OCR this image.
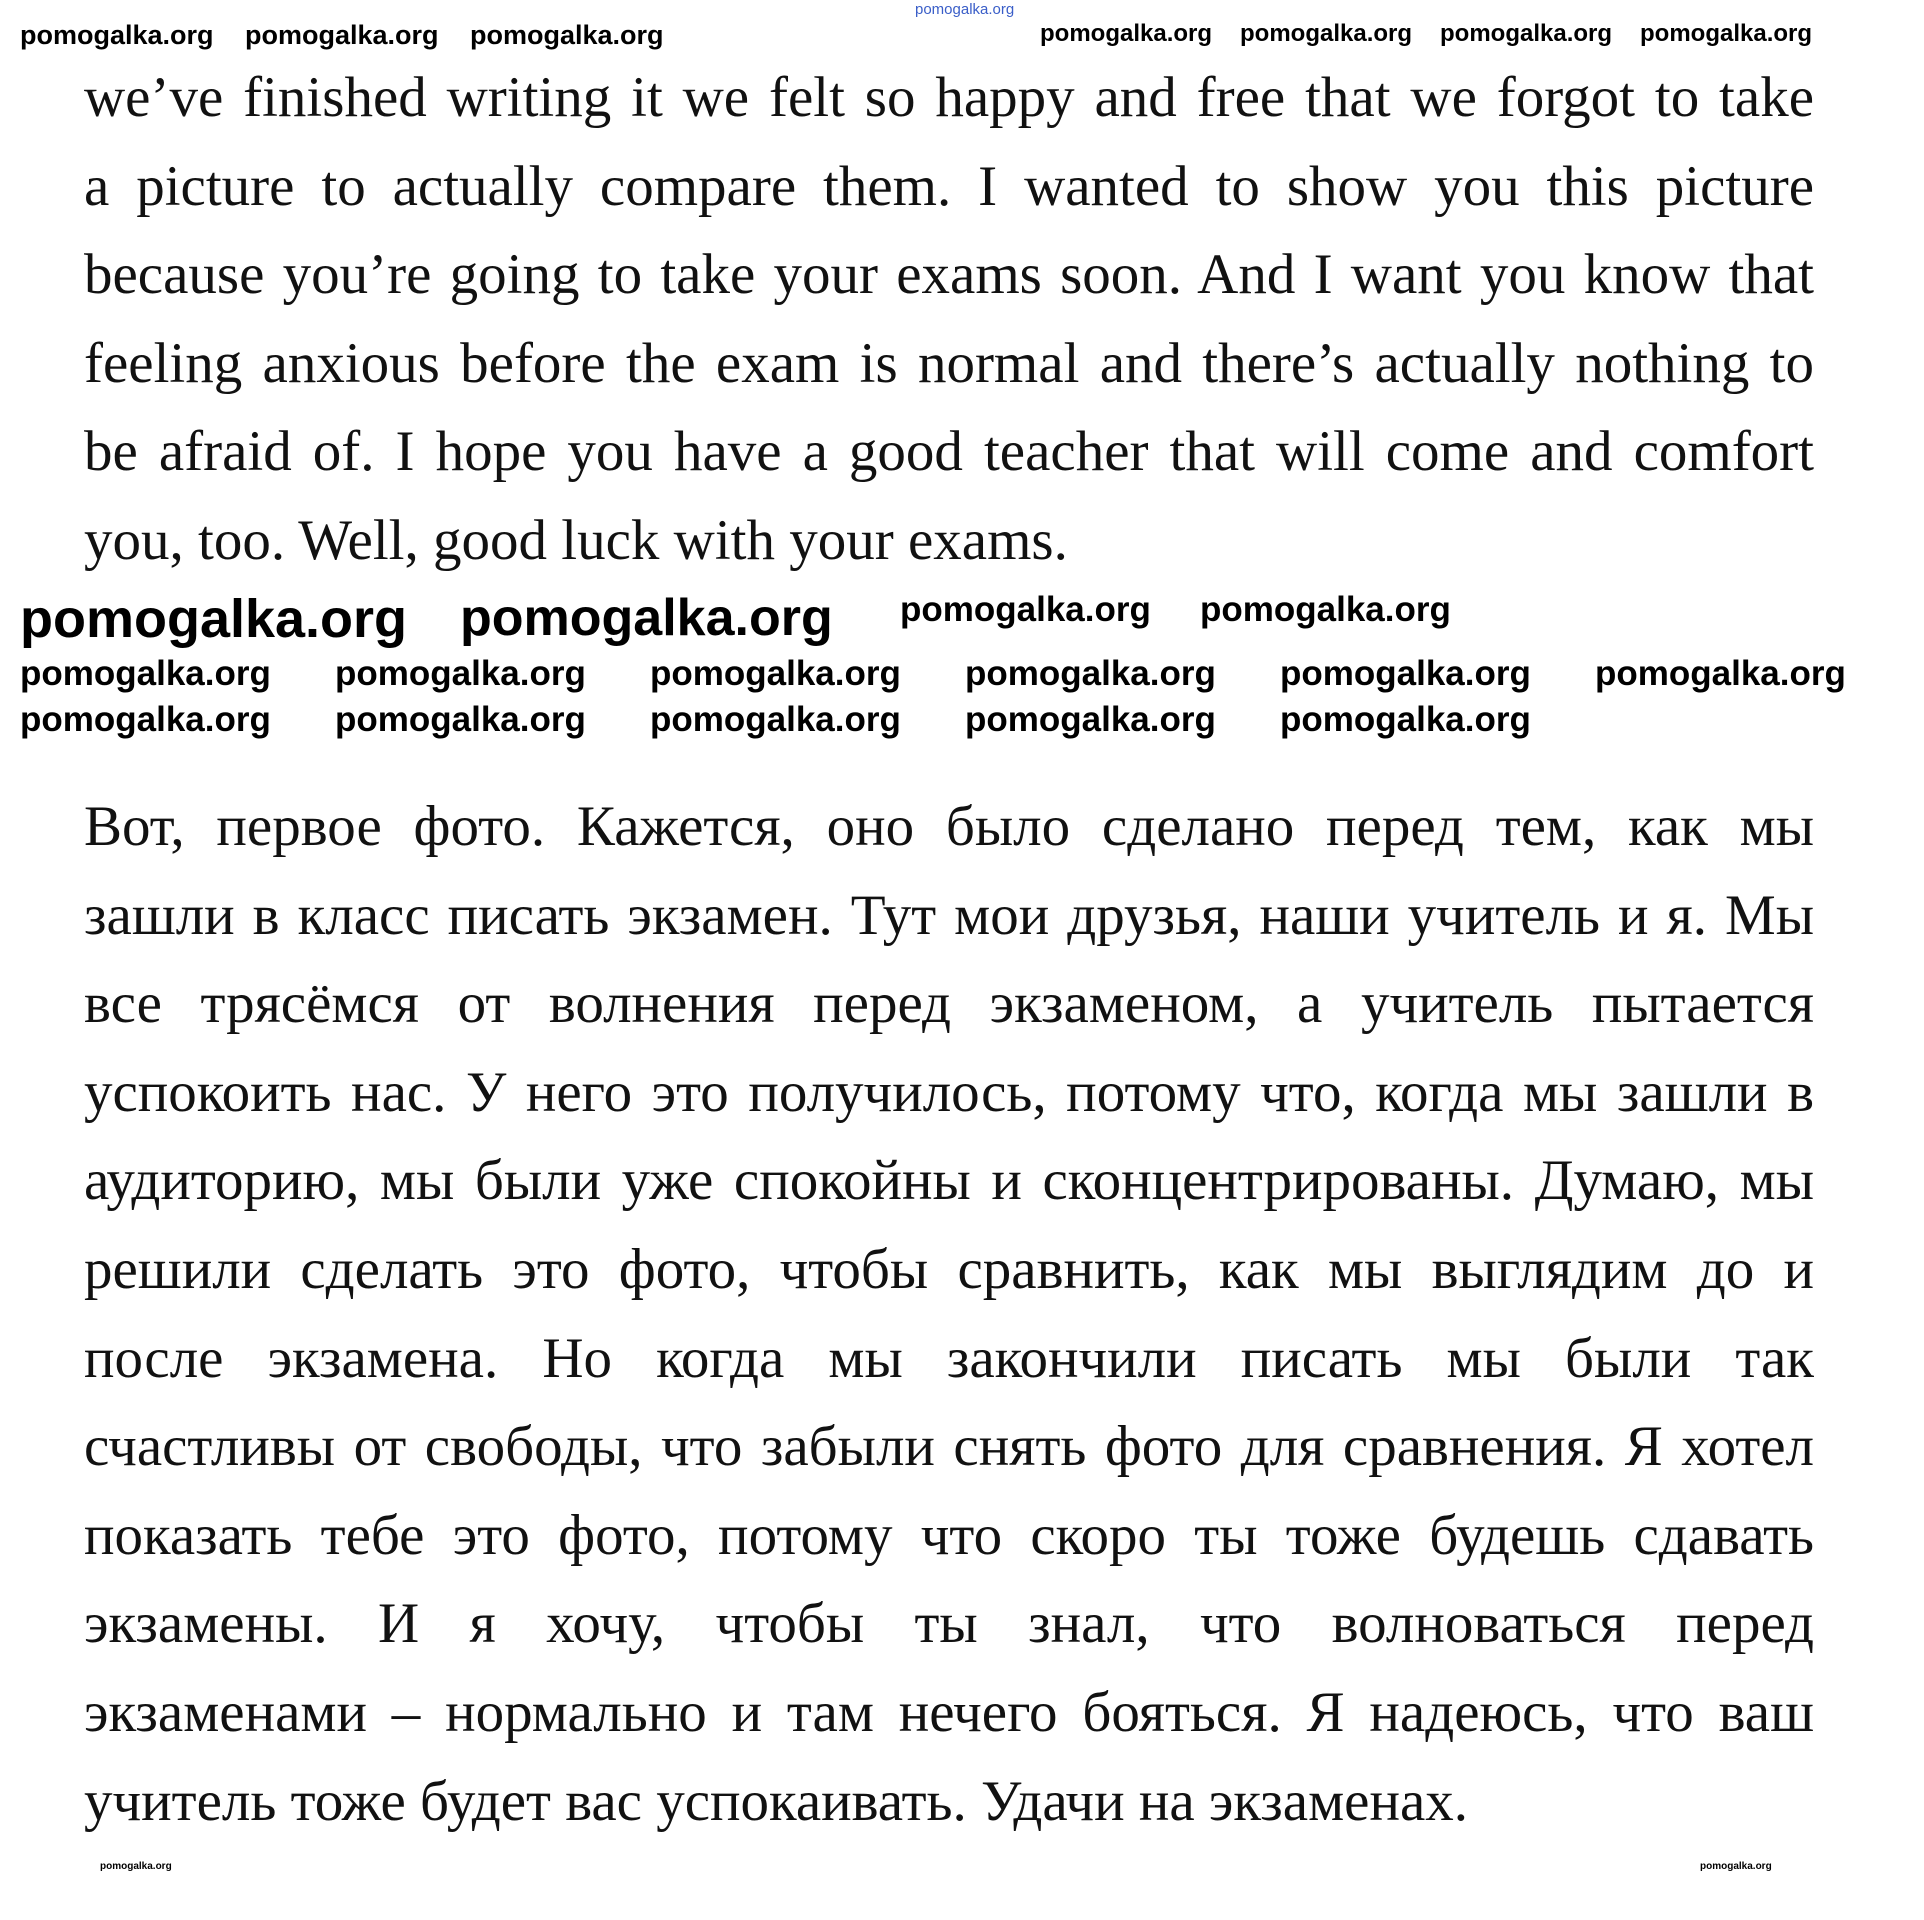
we’ve finished writing it we felt so happy and free that we forgot to take
a picture to actually compare them. I wanted to show you this picture
because you’re going to take your exams soon. And I want you know that
feeling anxious before the exam is normal and there’s actually nothing to
be afraid of. I hope you have a good teacher that will come and comfort
you, too. Well, good luck with your exams.
Вот, первое фото. Кажется, оно было сделано перед тем, как мы
зашли в класс писать экзамен. Тут мои друзья, наши учитель и я. Мы
все трясёмся от волнения перед экзаменом, а учитель пытается
успокоить нас. У него это получилось, потому что, когда мы зашли в
аудиторию, мы были уже спокойны и сконцентрированы. Думаю, мы
решили сделать это фото, чтобы сравнить, как мы выглядим до и
после экзамена. Но когда мы закончили писать мы были так
счастливы от свободы, что забыли снять фото для сравнения. Я хотел
показать тебе это фото, потому что скоро ты тоже будешь сдавать
экзамены. И я хочу, чтобы ты знал, что волноваться перед
экзаменами – нормально и там нечего бояться. Я надеюсь, что ваш
учитель тоже будет вас успокаивать. Удачи на экзаменах.
pomogalka.org
pomogalka.org
pomogalka.org pomogalka.org
pomogalka.org
pomogalka.org
pomogalka.org
pomogalka.org
pomogalka.org
pomogalka.org
pomogalka.org
pomogalka.org
pomogalka.org
pomogalka.org
pomogalka.org
pomogalka.org
pomogalka.org pomogalka.org pomogalka.org
pomogalka.org pomogalka.org
pomogalka.org
pomogalka.org pomogalka.org pomogalka.org
